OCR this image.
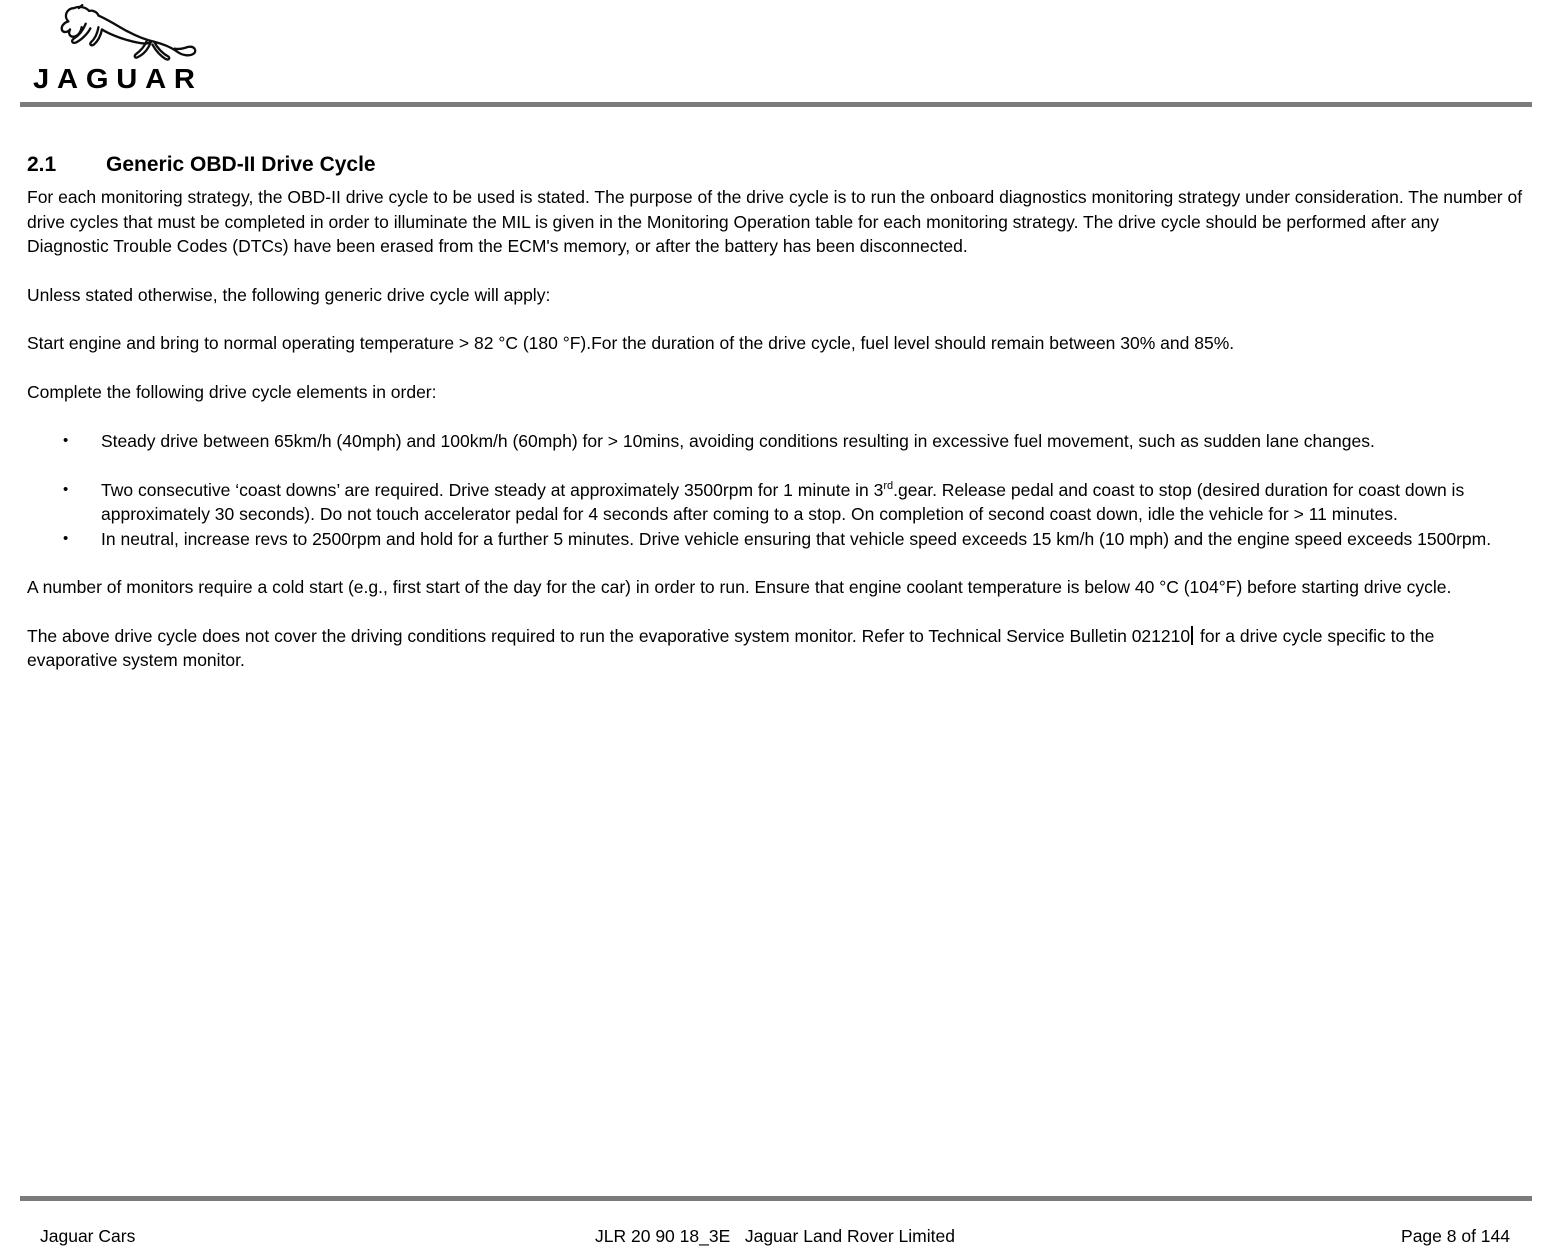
JAGUAR
2.1	Generic OBD-II Drive Cycle

For each monitoring strategy, the OBD-II drive cycle to be used is stated. The purpose of the drive cycle is to run the onboard diagnostics monitoring strategy under consideration. The number of drive cycles that must be completed in order to illuminate the MIL is given in the Monitoring Operation table for each monitoring strategy. The drive cycle should be performed after any Diagnostic Trouble Codes (DTCs) have been erased from the ECM's memory, or after the battery has been disconnected.

Unless stated otherwise, the following generic drive cycle will apply:

Start engine and bring to normal operating temperature > 82 °C (180 °F).For the duration of the drive cycle, fuel level should remain between 30% and 85%.

Complete the following drive cycle elements in order:

•	Steady drive between 65km/h (40mph) and 100km/h (60mph) for > 10mins, avoiding conditions resulting in excessive fuel movement, such as sudden lane changes.
•	Two consecutive ‘coast downs’ are required. Drive steady at approximately 3500rpm for 1 minute in 3rd.gear. Release pedal and coast to stop (desired duration for coast down is approximately 30 seconds). Do not touch accelerator pedal for 4 seconds after coming to a stop. On completion of second coast down, idle the vehicle for > 11 minutes.
•	In neutral, increase revs to 2500rpm and hold for a further 5 minutes. Drive vehicle ensuring that vehicle speed exceeds 15 km/h (10 mph) and the engine speed exceeds 1500rpm.

A number of monitors require a cold start (e.g., first start of the day for the car) in order to run. Ensure that engine coolant temperature is below 40 °C (104°F) before starting drive cycle.

The above drive cycle does not cover the driving conditions required to run the evaporative system monitor. Refer to Technical Service Bulletin 021210 for a drive cycle specific to the evaporative system monitor.

Jaguar Cars	JLR 20 90 18_3E   Jaguar Land Rover Limited	Page 8 of 144
